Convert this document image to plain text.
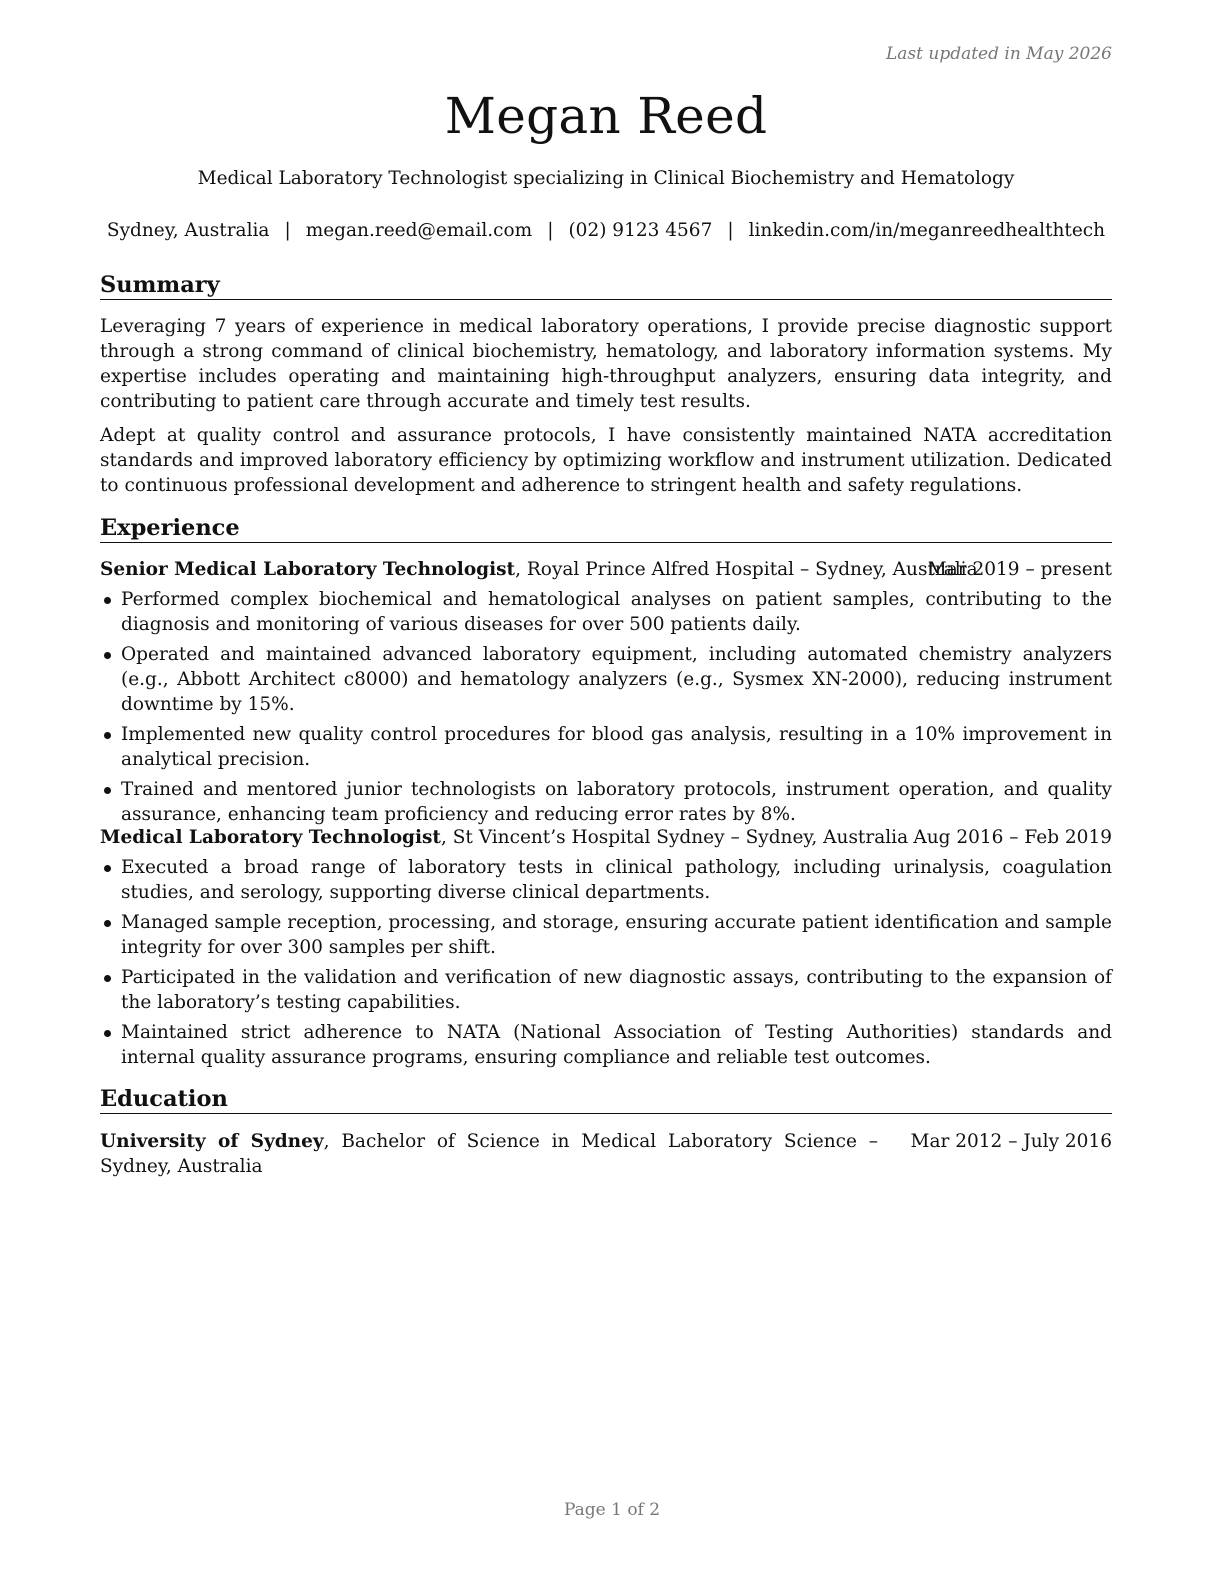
Last updated in May 2026
Megan Reed
Medical Laboratory Technologist specializing in Clinical Biochemistry and Hematology
Sydney, Australia | megan.reed@email.com | (02) 9123 4567 | linkedin.com/in/meganreedhealthtech
Summary
Leveraging 7 years of experience in medical laboratory operations, I provide precise diagnostic support through a strong command of clinical biochemistry, hematology, and laboratory information systems. My expertise includes operating and maintaining high-throughput analyzers, ensuring data integrity, and contributing to patient care through accurate and timely test results.
Adept at quality control and assurance protocols, I have consistently maintained NATA accreditation standards and improved laboratory efficiency by optimizing workflow and instrument utilization. Dedicated to continuous professional development and adherence to stringent health and safety regulations.
Experience
Senior Medical Laboratory Technologist, Royal Prince Alfred Hospital – Sydney, Australia
Mar 2019 – present
Performed complex biochemical and hematological analyses on patient samples, contributing to the diagnosis and monitoring of various diseases for over 500 patients daily.
Operated and maintained advanced laboratory equipment, including automated chemistry analyzers (e.g., Abbott Architect c8000) and hematology analyzers (e.g., Sysmex XN-2000), reducing instrument downtime by 15%.
Implemented new quality control procedures for blood gas analysis, resulting in a 10% improvement in analytical precision.
Trained and mentored junior technologists on laboratory protocols, instrument operation, and quality assurance, enhancing team proficiency and reducing error rates by 8%.
Medical Laboratory Technologist, St Vincent’s Hospital Sydney – Sydney, Australia Aug 2016 – Feb 2019
Executed a broad range of laboratory tests in clinical pathology, including urinalysis, coagulation studies, and serology, supporting diverse clinical departments.
Managed sample reception, processing, and storage, ensuring accurate patient identification and sample integrity for over 300 samples per shift.
Participated in the validation and verification of new diagnostic assays, contributing to the expansion of the laboratory’s testing capabilities.
Maintained strict adherence to NATA (National Association of Testing Authorities) standards and internal quality assurance programs, ensuring compliance and reliable test outcomes.
Education
University of Sydney, Bachelor of Science in Medical Laboratory Science – Sydney, Australia
Mar 2012 – July 2016
Page 1 of 2
